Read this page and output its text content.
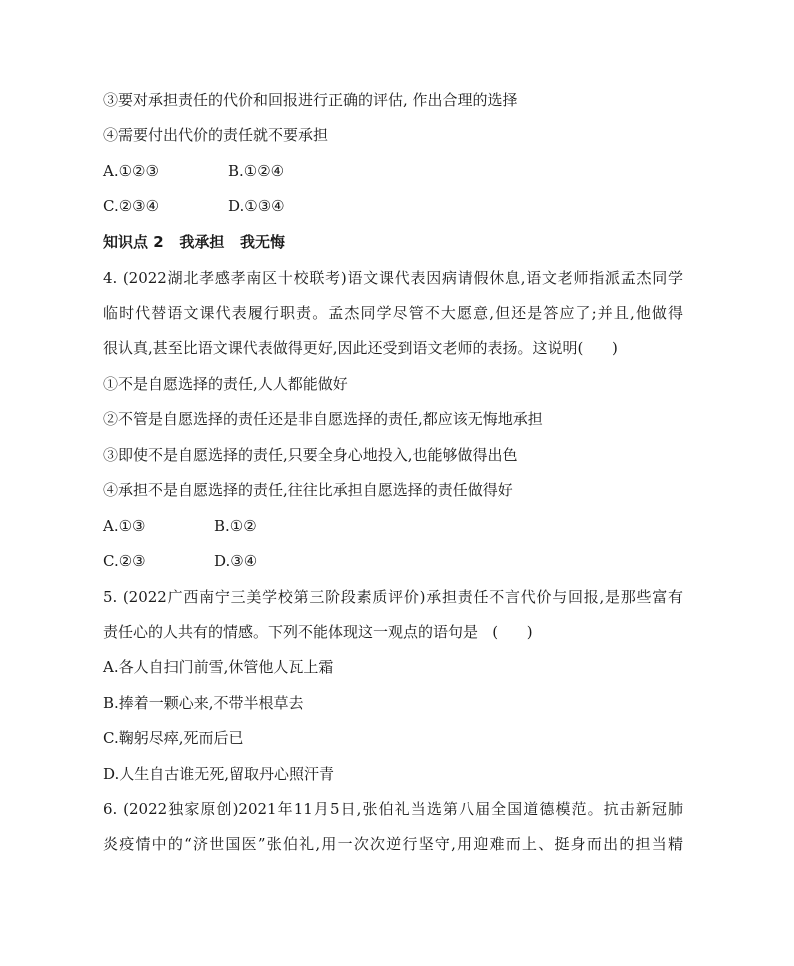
③要对承担责任的代价和回报进行正确的评估, 作出合理的选择
④需要付出代价的责任就不要承担
A.①②③	B.①②④
C.②③④	D.①③④
知识点 2   我承担   我无悔
4. (2022湖北孝感孝南区十校联考)语文课代表因病请假休息,语文老师指派孟杰同学
临时代替语文课代表履行职责。孟杰同学尽管不大愿意,但还是答应了;并且,他做得
很认真,甚至比语文课代表做得更好,因此还受到语文老师的表扬。这说明(      )
①不是自愿选择的责任,人人都能做好
②不管是自愿选择的责任还是非自愿选择的责任,都应该无悔地承担
③即使不是自愿选择的责任,只要全身心地投入,也能够做得出色
④承担不是自愿选择的责任,往往比承担自愿选择的责任做得好
A.①③	B.①②
C.②③	D.③④
5. (2022广西南宁三美学校第三阶段素质评价)承担责任不言代价与回报,是那些富有
责任心的人共有的情感。下列不能体现这一观点的语句是   (      )
A.各人自扫门前雪,休管他人瓦上霜
B.捧着一颗心来,不带半根草去
C.鞠躬尽瘁,死而后已
D.人生自古谁无死,留取丹心照汗青
6. (2022独家原创)2021年11月5日,张伯礼当选第八届全国道德模范。抗击新冠肺
炎疫情中的“济世国医”张伯礼,用一次次逆行坚守,用迎难而上、挺身而出的担当精
